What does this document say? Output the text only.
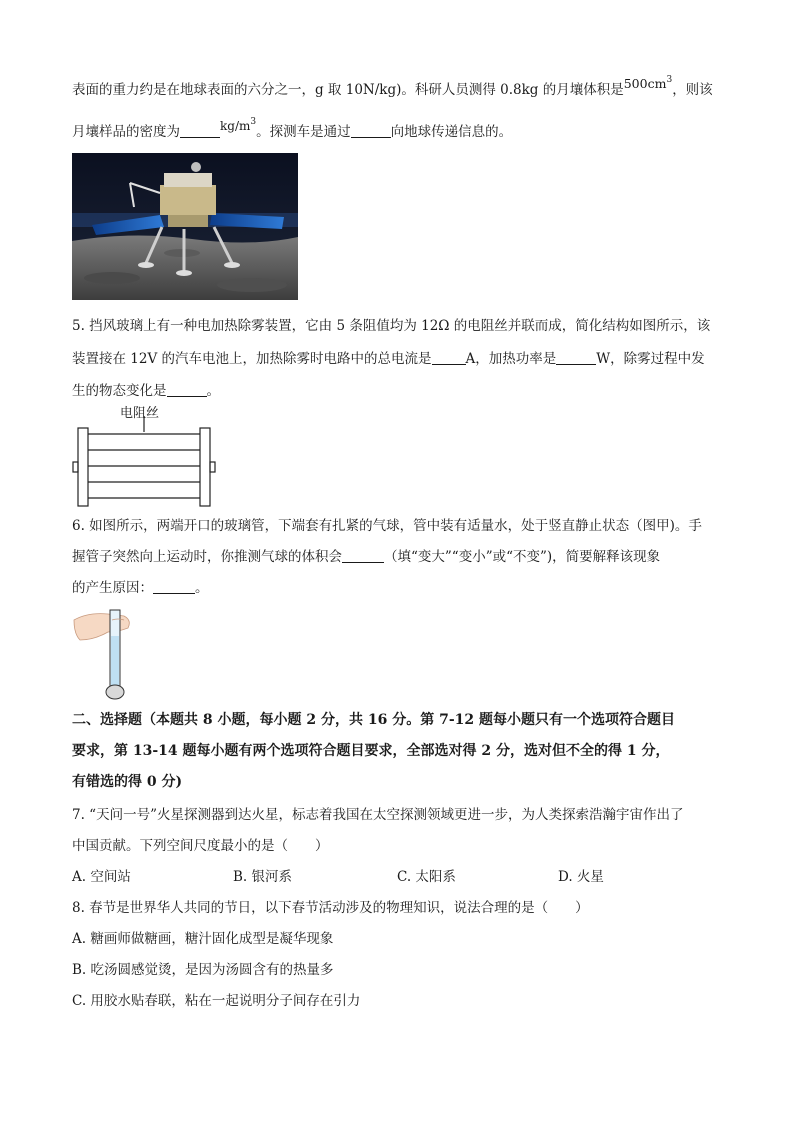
表面的重力约是在地球表面的六分之一，g 取 10N/kg)。科研人员测得 0.8kg 的月壤体积是$500cm^3$，则该
月壤样品的密度为	$kg/m^3$。探测车是通过	向地球传递信息的。
5. 挡风玻璃上有一种电加热除雾装置，它由 5 条阻值均为 12Ω 的电阻丝并联而成，简化结构如图所示，该
装置接在 12V 的汽车电池上，加热除雾时电路中的总电流是	A，加热功率是	W，除雾过程中发
生的物态变化是	。
电阻丝
6. 如图所示，两端开口的玻璃管，下端套有扎紧的气球，管中装有适量水，处于竖直静止状态（图甲)。手
握管子突然向上运动时，你推测气球的体积会	（填“变大”“变小”或“不变”)，简要解释该现象
的产生原因：	。
二、选择题（本题共 8 小题，每小题 2 分，共 16 分。第 7-12 题每小题只有一个选项符合题目
要求，第 13-14 题每小题有两个选项符合题目要求，全部选对得 2 分，选对但不全的得 1 分，
有错选的得 0 分)
7. “天问一号”火星探测器到达火星，标志着我国在太空探测领域更进一步，为人类探索浩瀚宇宙作出了
中国贡献。下列空间尺度最小的是（　　）
A. 空间站	B. 银河系	C. 太阳系	D. 火星
8. 春节是世界华人共同的节日，以下春节活动涉及的物理知识，说法合理的是（　　）
A. 糖画师做糖画，糖汁固化成型是凝华现象
B. 吃汤圆感觉烫，是因为汤圆含有的热量多
C. 用胶水贴春联，粘在一起说明分子间存在引力
